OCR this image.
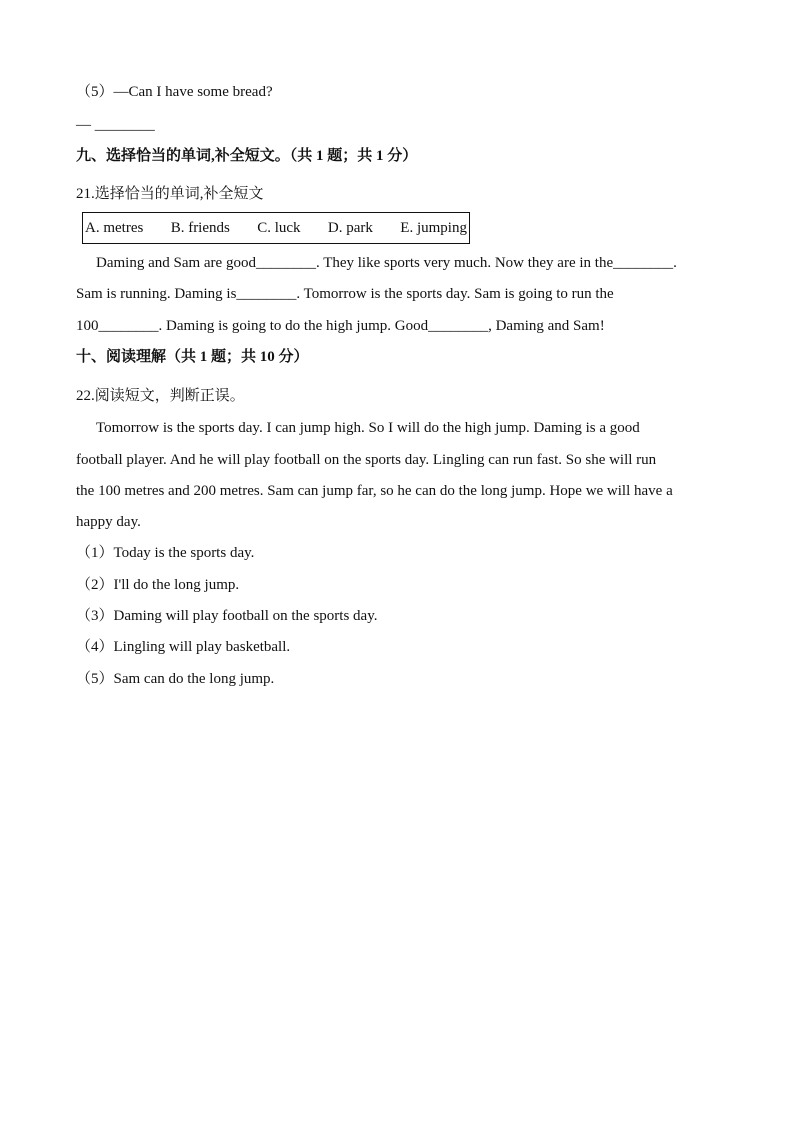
（5）—Can I have some bread?
— ________
九、选择恰当的单词,补全短文。（共 1 题；共 1 分）
21.选择恰当的单词,补全短文
A. metres B. friends C. luck D. park E. jumping
Daming and Sam are good________. They like sports very much. Now they are in the________.
Sam is running. Daming is________. Tomorrow is the sports day. Sam is going to run the
100________. Daming is going to do the high jump. Good________, Daming and Sam!
十、阅读理解（共 1 题；共 10 分）
22.阅读短文，判断正误。
Tomorrow is the sports day. I can jump high. So I will do the high jump. Daming is a good
football player. And he will play football on the sports day. Lingling can run fast. So she will run
the 100 metres and 200 metres. Sam can jump far, so he can do the long jump. Hope we will have a
happy day.
（1）Today is the sports day.
（2）I'll do the long jump.
（3）Daming will play football on the sports day.
（4）Lingling will play basketball.
（5）Sam can do the long jump.
